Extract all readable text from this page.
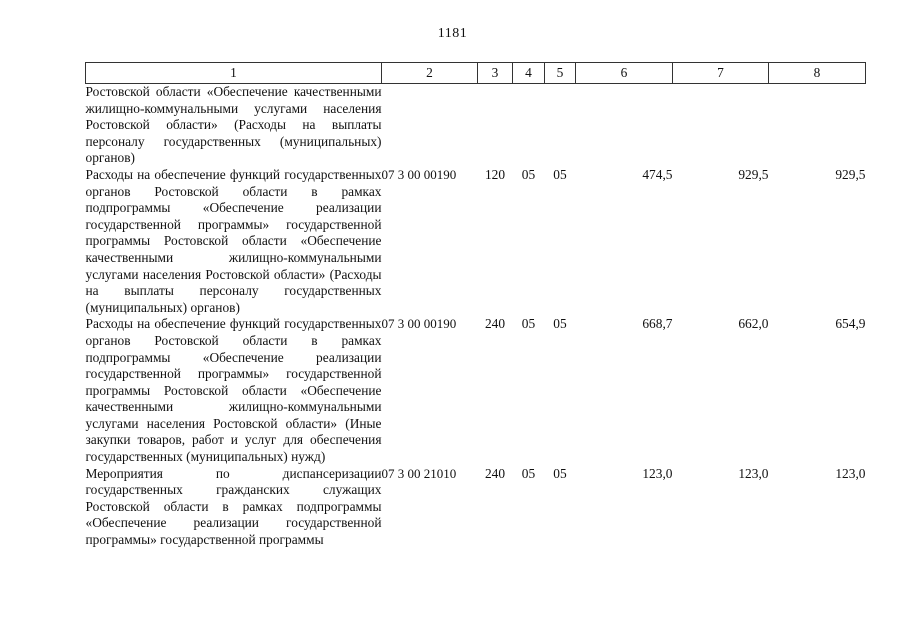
1181
1	2	3	4	5	6	7	8
Ростовской области «Обеспечение качественными жилищно-коммунальными услугами населения Ростовской области» (Расходы на выплаты персоналу государственных (муниципальных) органов)							
Расходы на обеспечение функций государственных органов Ростовской области в рамках подпрограммы «Обеспечение реализации государственной программы» государственной программы Ростовской области «Обеспечение качественными жилищно-коммунальными услугами населения Ростовской области» (Расходы на выплаты персоналу государственных (муниципальных) органов)	07 3 00 00190	120	05	05	474,5	929,5	929,5
Расходы на обеспечение функций государственных органов Ростовской области в рамках подпрограммы «Обеспечение реализации государственной программы» государственной программы Ростовской области «Обеспечение качественными жилищно-коммунальными услугами населения Ростовской области» (Иные закупки товаров, работ и услуг для обеспечения государственных (муниципальных) нужд)	07 3 00 00190	240	05	05	668,7	662,0	654,9
Мероприятия по диспансеризации государственных гражданских служащих Ростовской области в рамках подпрограммы «Обеспечение реализации государственной программы» государственной программы	07 3 00 21010	240	05	05	123,0	123,0	123,0
